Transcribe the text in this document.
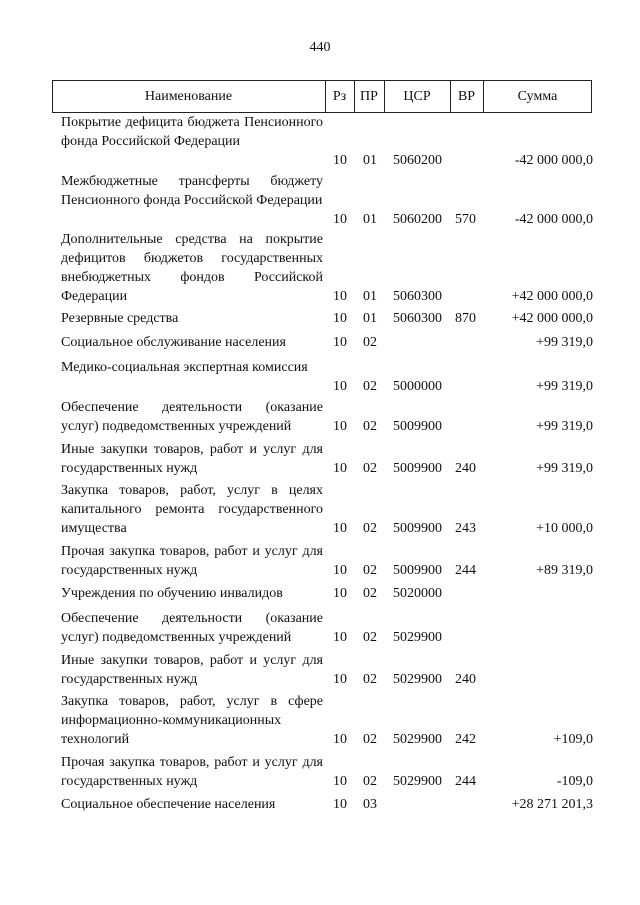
440
Наименование	Рз ПР	ЦСР	ВР	Сумма
Покрытие дефицита бюджета Пенсионного фонда Российской Федерации
10 01 5060200	-42 000 000,0
Межбюджетные трансферты бюджету Пенсионного фонда Российской Федерации
10 01 5060200 570	-42 000 000,0
Дополнительные средства на покрытие дефицитов бюджетов государственных внебюджетных фондов Российской Федерации	10 01 5060300	+42 000 000,0
Резервные средства	10 01 5060300 870	+42 000 000,0
Социальное обслуживание населения	10 02	+99 319,0
Медико-социальная экспертная комиссия
10 02 5000000	+99 319,0
Обеспечение деятельности (оказание услуг) подведомственных учреждений	10 02 5009900	+99 319,0
Иные закупки товаров, работ и услуг для государственных нужд	10 02 5009900 240	+99 319,0
Закупка товаров, работ, услуг в целях капитального ремонта государственного имущества	10 02 5009900 243	+10 000,0
Прочая закупка товаров, работ и услуг для государственных нужд	10 02 5009900 244	+89 319,0
Учреждения по обучению инвалидов	10 02 5020000
Обеспечение деятельности (оказание услуг) подведомственных учреждений	10 02 5029900
Иные закупки товаров, работ и услуг для государственных нужд	10 02 5029900 240
Закупка товаров, работ, услуг в сфере информационно-коммуникационных технологий	10 02 5029900 242	+109,0
Прочая закупка товаров, работ и услуг для государственных нужд	10 02 5029900 244	-109,0
Социальное обеспечение населения	10 03	+28 271 201,3
